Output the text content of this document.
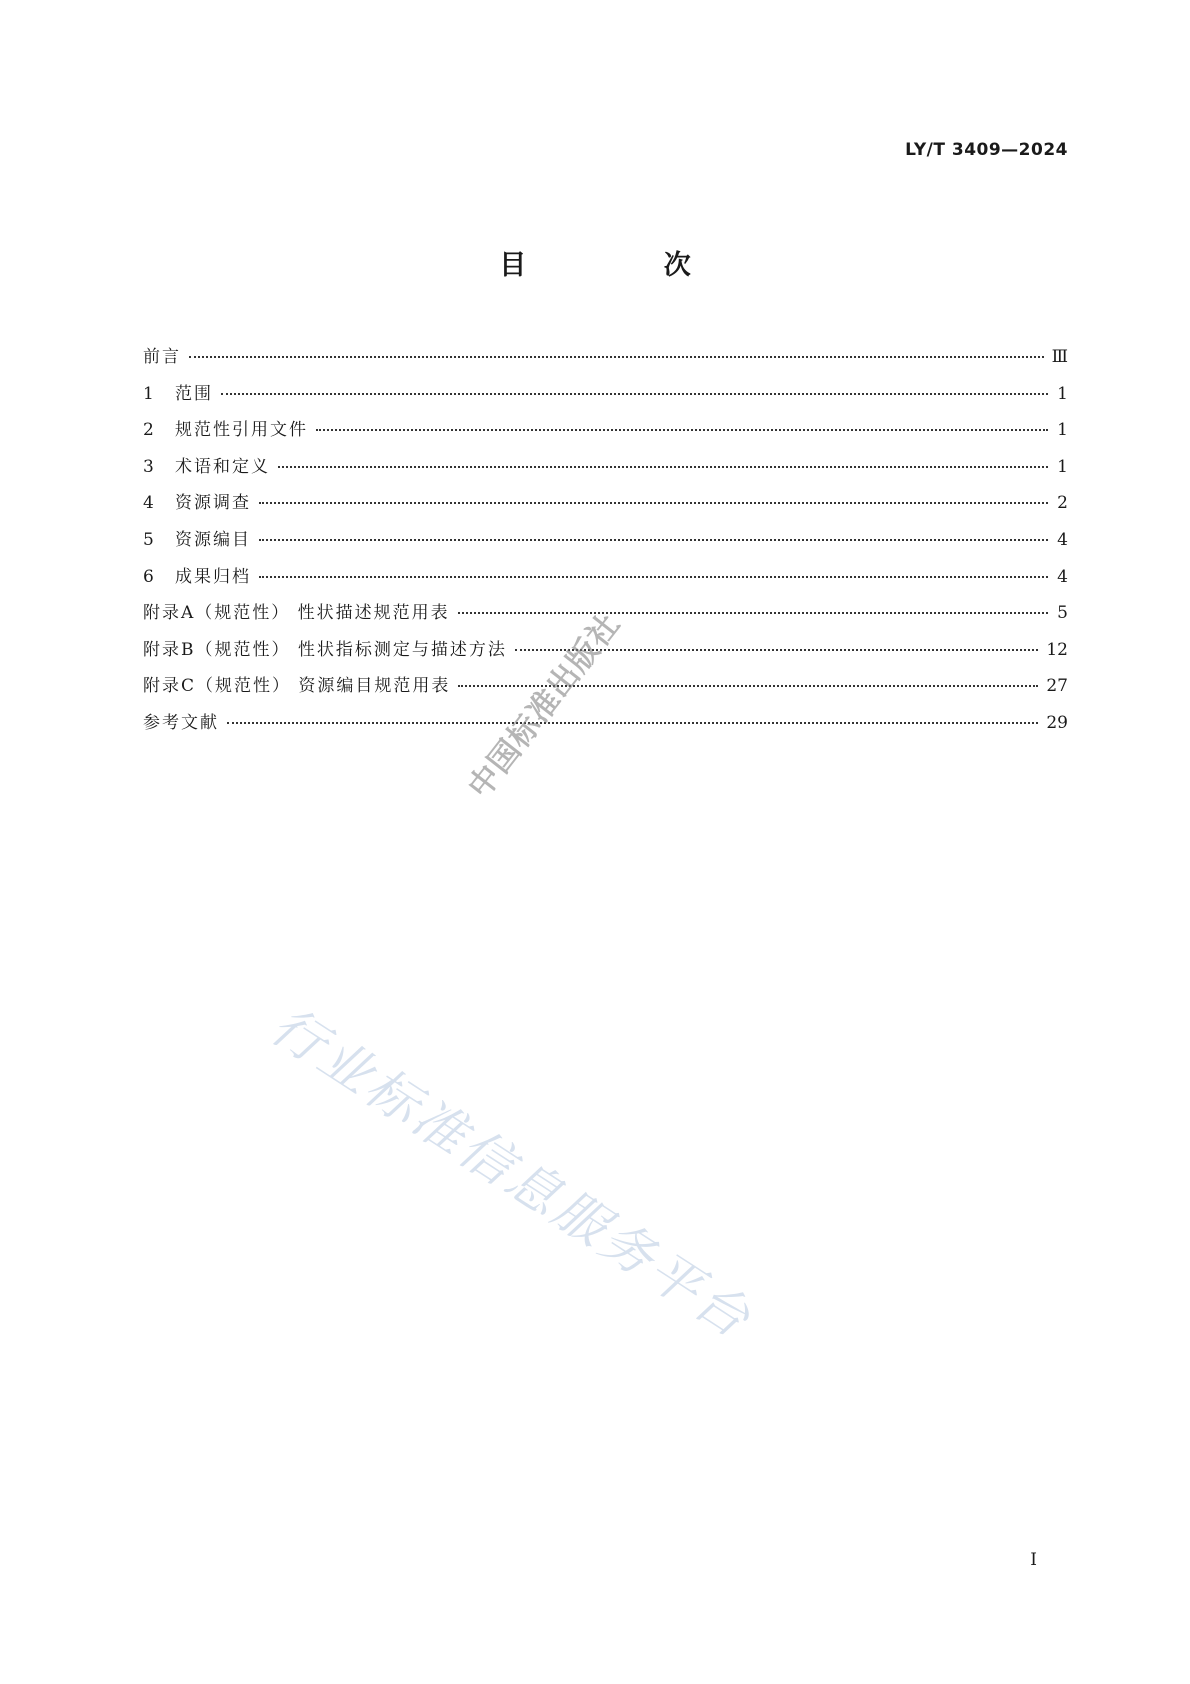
LY/T 3409—2024
目 次
前言	Ⅲ
1	范围	1
2	规范性引用文件	1
3	术语和定义	1
4	资源调查	2
5	资源编目	4
6	成果归档	4
附录A（规范性） 性状描述规范用表	5
附录B（规范性） 性状指标测定与描述方法	12
附录C（规范性） 资源编目规范用表	27
参考文献	29
中国标准出版社
行业标准信息服务平台
Ⅰ
